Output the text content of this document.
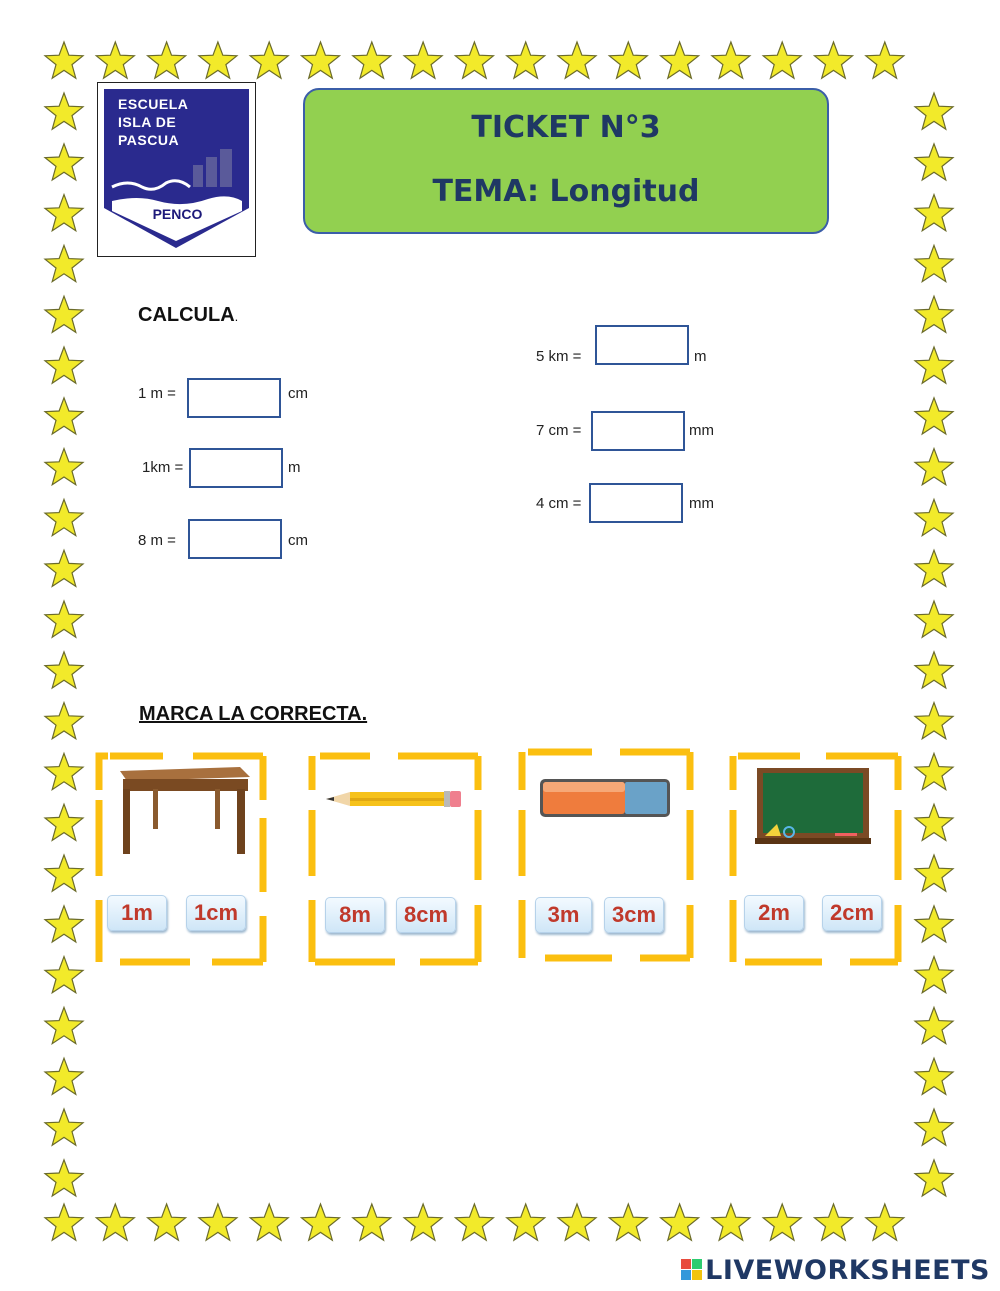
ESCUELA
ISLA DE
PASCUA
PENCO
TICKET N°3
TEMA: Longitud
CALCULA.
1 m =	cm
1km =	m
8 m =	cm
5 km =	m
7 cm =	mm
4 cm =	mm
MARCA LA CORRECTA.
1m	1cm	8m	8cm	3m	3cm	2m	2cm
LIVEWORKSHEETS
